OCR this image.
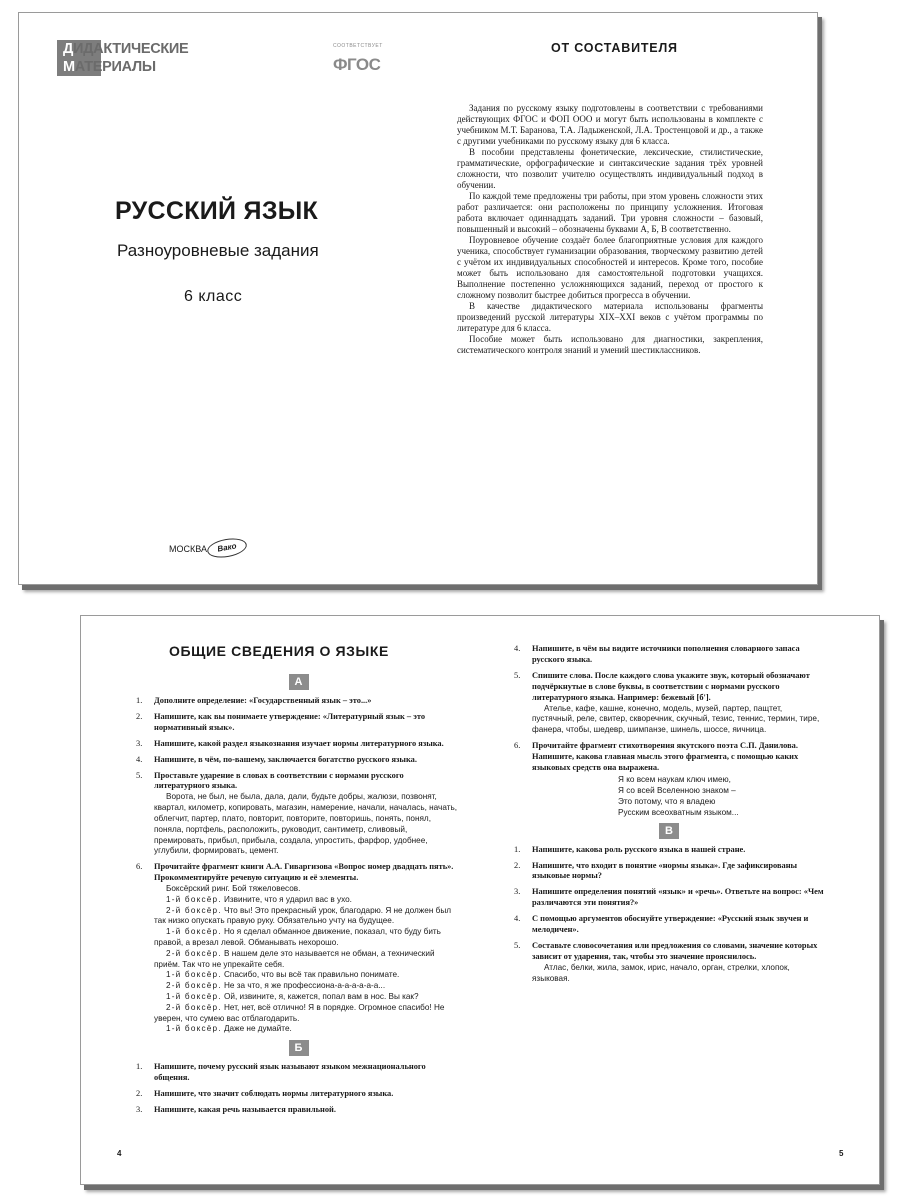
ДИДАКТИЧЕСКИЕ
МАТЕРИАЛЫ
СООТВЕТСТВУЕТ
ФГОС
РУССКИЙ ЯЗЫК
Разноуровневые задания
6 класс
МОСКВА	Вако
ОТ СОСТАВИТЕЛЯ

Задания по русскому языку подготовлены в соответствии с требованиями действующих ФГОС и ФОП ООО и могут быть использованы в комплекте с учебником М.Т. Баранова, Т.А. Ладыженской, Л.А. Тростенцовой и др., а также с другими учебниками по русскому языку для 6 класса.

В пособии представлены фонетические, лексические, стилистические, грамматические, орфографические и синтаксические задания трёх уровней сложности, что позволит учителю осуществлять индивидуальный подход в обучении.

По каждой теме предложены три работы, при этом уровень сложности этих работ различается: они расположены по принципу усложнения. Итоговая работа включает одиннадцать заданий. Три уровня сложности – базовый, повышенный и высокий – обозначены буквами А, Б, В соответственно.

Поуровневое обучение создаёт более благоприятные условия для каждого ученика, способствует гуманизации образования, творческому развитию детей с учётом их индивидуальных способностей и интересов. Кроме того, пособие может быть использовано для самостоятельной подготовки учащихся. Выполнение постепенно усложняющихся заданий, переход от простого к сложному позволит быстрее добиться прогресса в обучении.

В качестве дидактического материала использованы фрагменты произведений русской литературы XIX–XXI веков с учётом программы по литературе для 6 класса.

Пособие может быть использовано для диагностики, закрепления, систематического контроля знаний и умений шестиклассников.

ОБЩИЕ СВЕДЕНИЯ О ЯЗЫКЕ
А
1. Дополните определение: «Государственный язык – это...»
2. Напишите, как вы понимаете утверждение: «Литературный язык – это нормативный язык».
3. Напишите, какой раздел языкознания изучает нормы литературного языка.
4. Напишите, в чём, по-вашему, заключается богатство русского языка.
5. Проставьте ударение в словах в соответствии с нормами русского литературного языка.
Ворота, не был, не была, дала, дали, будьте добры, жалюзи, позвонят, квартал, километр, копировать, магазин, намерение, начали, началась, начать, облегчит, партер, плато, повторит, повторите, повторишь, понять, понял, поняла, портфель, расположить, руководит, сантиметр, сливовый, премировать, прибыл, прибыла, создала, упростить, фарфор, удобнее, углубили, формировать, цемент.
6. Прочитайте фрагмент книги А.А. Гиваргизова «Вопрос номер двадцать пять». Прокомментируйте речевую ситуацию и её элементы.
Боксёрский ринг. Бой тяжеловесов.
1-й боксёр. Извините, что я ударил вас в ухо.
2-й боксёр. Что вы! Это прекрасный урок, благодарю. Я не должен был так низко опускать правую руку. Обязательно учту на будущее.
1-й боксёр. Но я сделал обманное движение, показал, что буду бить правой, а врезал левой. Обманывать нехорошо.
2-й боксёр. В нашем деле это называется не обман, а технический приём. Так что не упрекайте себя.
1-й боксёр. Спасибо, что вы всё так правильно понимате.
2-й боксёр. Не за что, я же профессиона-а-а-а-а-а-а...
1-й боксёр. Ой, извините, я, кажется, попал вам в нос. Вы как?
2-й боксёр. Нет, нет, всё отлично! Я в порядке. Огромное спасибо! Не уверен, что сумею вас отблагодарить.
1-й боксёр. Даже не думайте.
Б
1. Напишите, почему русский язык называют языком межнационального общения.
2. Напишите, что значит соблюдать нормы литературного языка.
3. Напишите, какая речь называется правильной.
4. Напишите, в чём вы видите источники пополнения словарного запаса русского языка.
5. Спишите слова. После каждого слова укажите звук, который обозначают подчёркнутые в слове буквы, в соответствии с нормами русского литературного языка. Например: бежевый [б'].
Ателье, кафе, кашне, конечно, модель, музей, партер, пащтет, пустячный, реле, свитер, скворечник, скучный, тезис, теннис, термин, тире, фанера, чтобы, шедевр, шимпанзе, шинель, шоссе, яичница.
6. Прочитайте фрагмент стихотворения якутского поэта С.П. Данилова. Напишите, какова главная мысль этого фрагмента, с помощью каких языковых средств она выражена.
Я ко всем наукам ключ имею,
Я со всей Вселенною знаком –
Это потому, что я владею
Русским всеохватным языком...
В
1. Напишите, какова роль русского языка в нашей стране.
2. Напишите, что входит в понятие «нормы языка». Где зафиксированы языковые нормы?
3. Напишите определения понятий «язык» и «речь». Ответьте на вопрос: «Чем различаются эти понятия?»
4. С помощью аргументов обоснуйте утверждение: «Русский язык звучен и мелодичен».
5. Составьте словосочетания или предложения со словами, значение которых зависит от ударения, так, чтобы это значение прояснилось.
Атлас, белки, жила, замок, ирис, начало, орган, стрелки, хлопок, языковая.
4	5
